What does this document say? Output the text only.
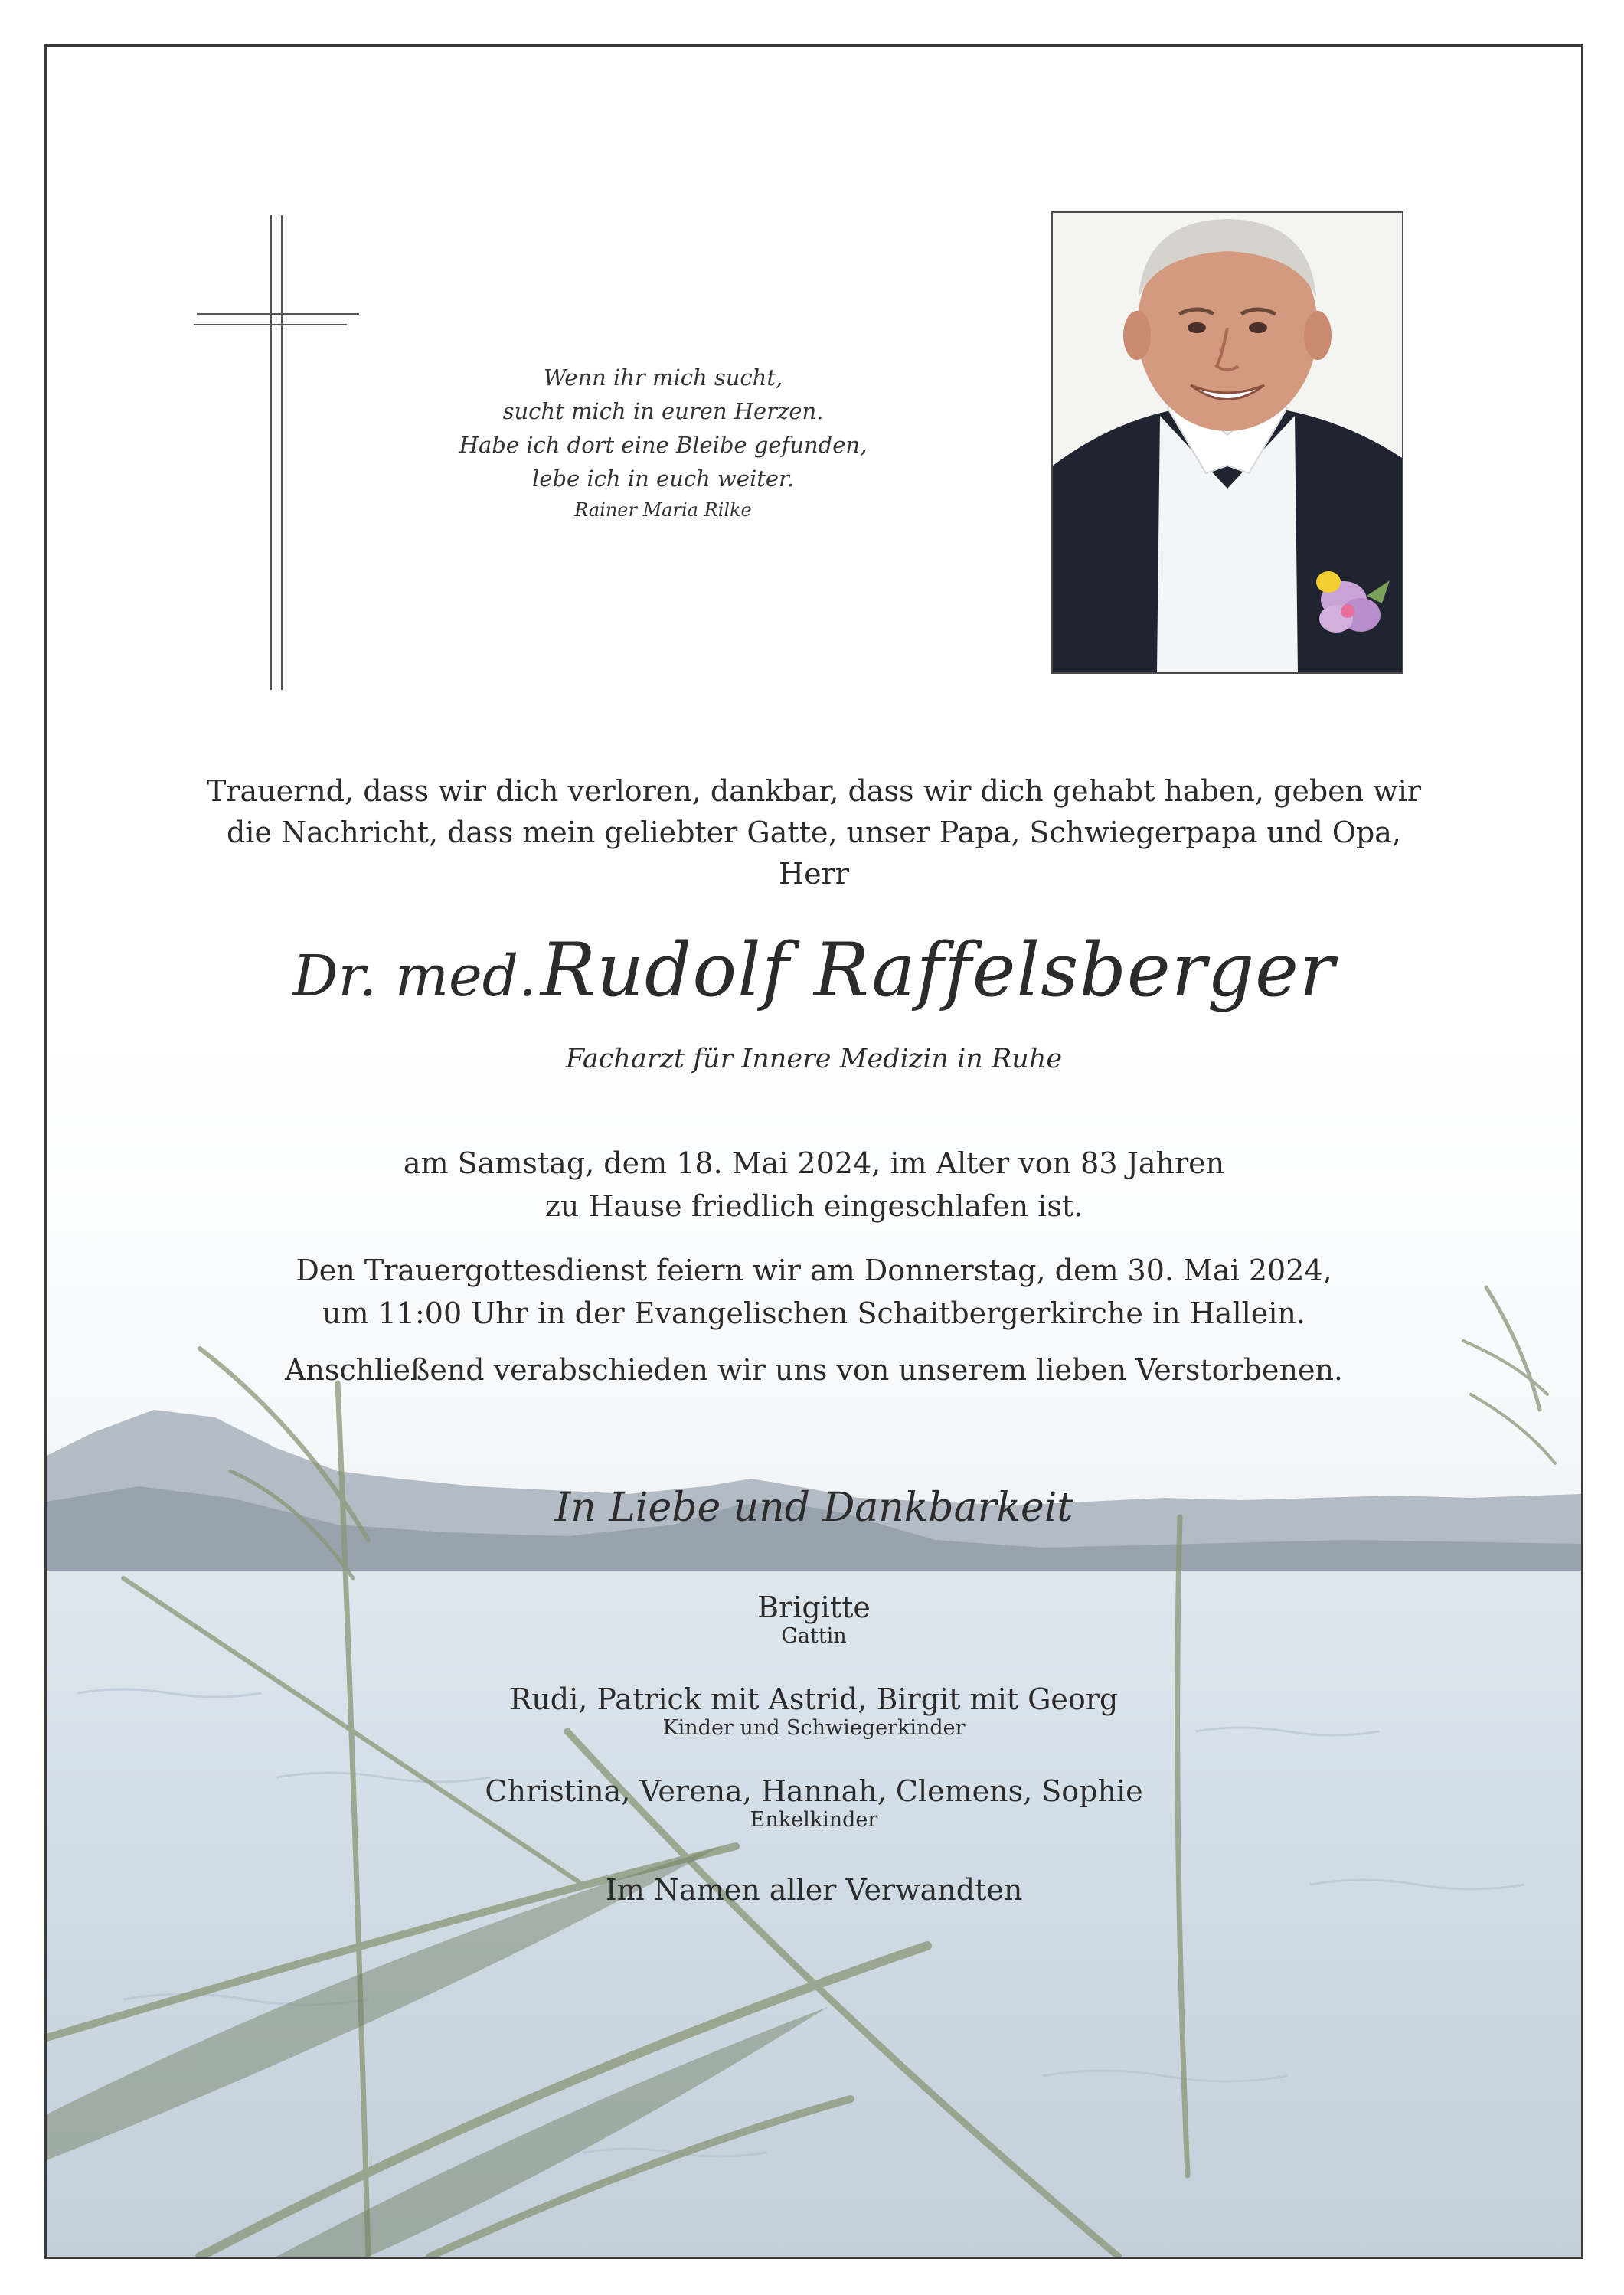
Wenn ihr mich sucht,
sucht mich in euren Herzen.
Habe ich dort eine Bleibe gefunden,
lebe ich in euch weiter.
Rainer Maria Rilke
Trauernd, dass wir dich verloren, dankbar, dass wir dich gehabt haben, geben wir
die Nachricht, dass mein geliebter Gatte, unser Papa, Schwiegerpapa und Opa,
Herr
Dr. med. Rudolf Raffelsberger
Facharzt für Innere Medizin in Ruhe
am Samstag, dem 18. Mai 2024, im Alter von 83 Jahren
zu Hause friedlich eingeschlafen ist.
Den Trauergottesdienst feiern wir am Donnerstag, dem 30. Mai 2024,
um 11:00 Uhr in der Evangelischen Schaitbergerkirche in Hallein.
Anschließend verabschieden wir uns von unserem lieben Verstorbenen.
In Liebe und Dankbarkeit
Brigitte
Gattin
Rudi, Patrick mit Astrid, Birgit mit Georg
Kinder und Schwiegerkinder
Christina, Verena, Hannah, Clemens, Sophie
Enkelkinder
Im Namen aller Verwandten
